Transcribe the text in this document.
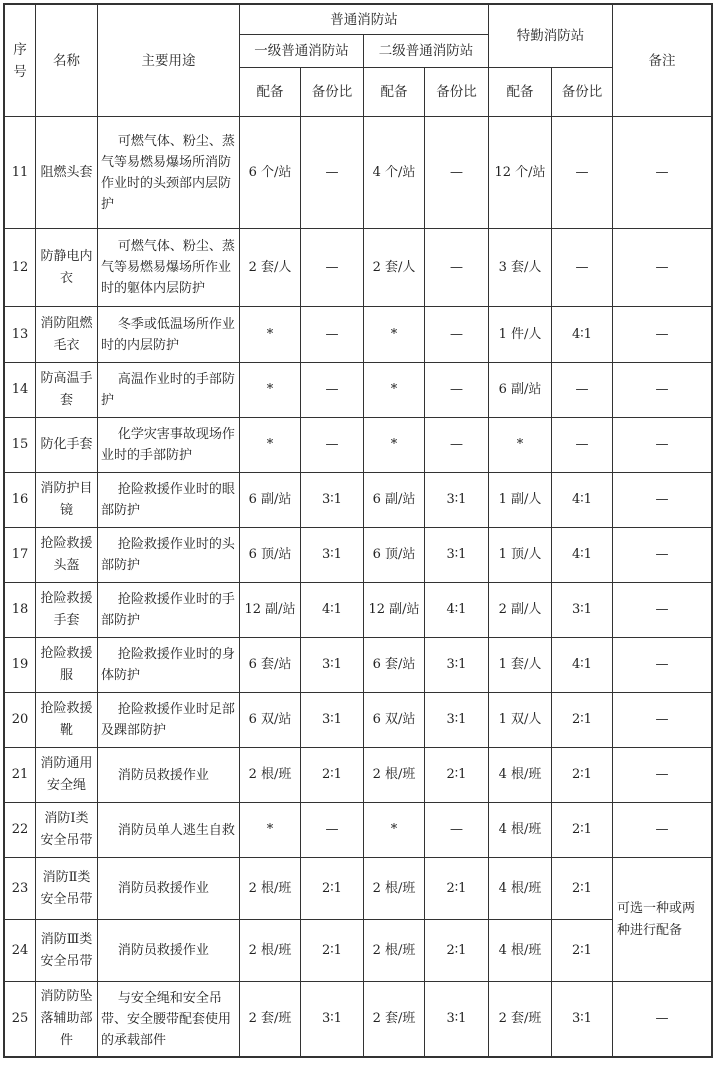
序号	名称	主要用途	普通消防站				特勤消防站		备注
			一级普通消防站		二级普通消防站				
			配备	备份比	配备	备份比	配备	备份比	
11	阻燃头套	可燃气体、粉尘、蒸气等易燃易爆场所消防作业时的头颈部内层防护	6 个/站	—	4 个/站	—	12 个/站	—	—
12	防静电内衣	可燃气体、粉尘、蒸气等易燃易爆场所作业时的躯体内层防护	2 套/人	—	2 套/人	—	3 套/人	—	—
13	消防阻燃毛衣	冬季或低温场所作业时的内层防护	*	—	*	—	1 件/人	4∶1	—
14	防高温手套	高温作业时的手部防护	*	—	*	—	6 副/站	—	—
15	防化手套	化学灾害事故现场作业时的手部防护	*	—	*	—	*	—	—
16	消防护目镜	抢险救援作业时的眼部防护	6 副/站	3∶1	6 副/站	3∶1	1 副/人	4∶1	—
17	抢险救援头盔	抢险救援作业时的头部防护	6 顶/站	3∶1	6 顶/站	3∶1	1 顶/人	4∶1	—
18	抢险救援手套	抢险救援作业时的手部防护	12 副/站	4∶1	12 副/站	4∶1	2 副/人	3∶1	—
19	抢险救援服	抢险救援作业时的身体防护	6 套/站	3∶1	6 套/站	3∶1	1 套/人	4∶1	—
20	抢险救援靴	抢险救援作业时足部及踝部防护	6 双/站	3∶1	6 双/站	3∶1	1 双/人	2∶1	—
21	消防通用安全绳	消防员救援作业	2 根/班	2∶1	2 根/班	2∶1	4 根/班	2∶1	—
22	消防Ⅰ类安全吊带	消防员单人逃生自救	*	—	*	—	4 根/班	2∶1	—
23	消防Ⅱ类安全吊带	消防员救援作业	2 根/班	2∶1	2 根/班	2∶1	4 根/班	2∶1	可选一种或两种进行配备
24	消防Ⅲ类安全吊带	消防员救援作业	2 根/班	2∶1	2 根/班	2∶1	4 根/班	2∶1	
25	消防防坠落辅助部件	与安全绳和安全吊带、安全腰带配套使用的承载部件	2 套/班	3∶1	2 套/班	3∶1	2 套/班	3∶1	—
